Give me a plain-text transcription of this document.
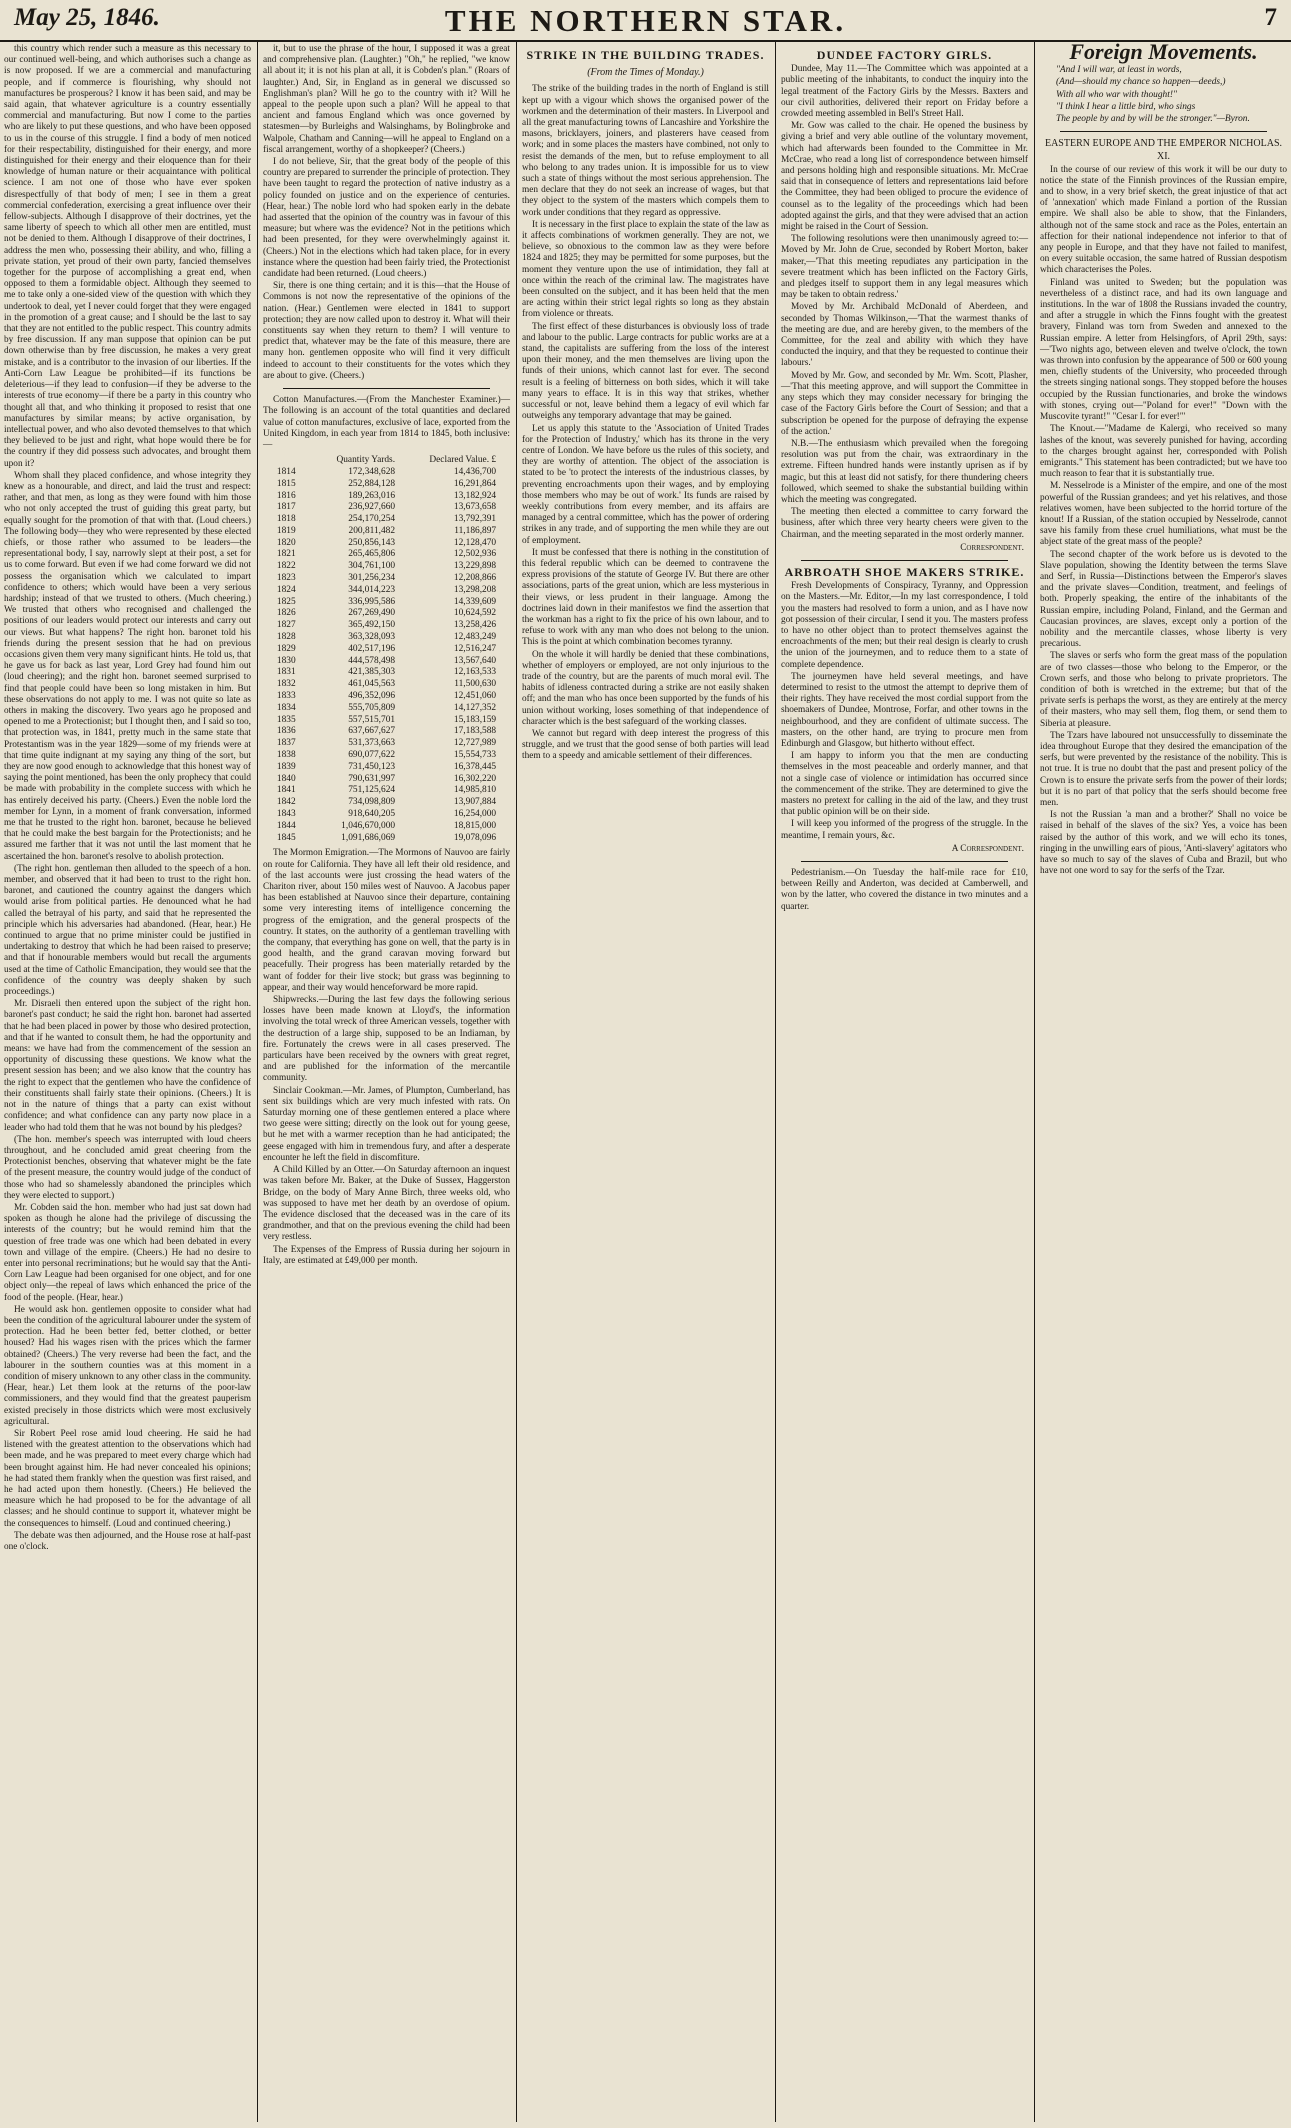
May 25, 1846.	THE NORTHERN STAR.	7

this country which render such a measure as this necessary to our continued well-being, and which authorises such a change as is now proposed. If we are a commercial and manufacturing people, and if commerce is flourishing, why should not manufactures be prosperous? I know it has been said, and may be said again, that whatever agriculture is a country essentially commercial and manufacturing. But now I come to the parties who are likely to put these questions, and who have been opposed to us in the course of this struggle. I find a body of men noticed for their respectability, distinguished for their energy, and more distinguished for their energy and their eloquence than for their knowledge of human nature or their acquaintance with political science. I am not one of those who have ever spoken disrespectfully of that body of men; I see in them a great commercial confederation, exercising a great influence over their fellow-subjects. Although I disapprove of their doctrines, yet the same liberty of speech to which all other men are entitled, must not be denied to them. Although I disapprove of their doctrines, I address the men who, possessing their ability, and who, filling a private station, yet proud of their own party, fancied themselves together for the purpose of accomplishing a great end, when opposed to them a formidable object. Although they seemed to me to take only a one-sided view of the question with which they undertook to deal, yet I never could forget that they were engaged in the promotion of a great cause; and I should be the last to say that they are not entitled to the public respect. This country admits by free discussion. If any man suppose that opinion can be put down otherwise than by free discussion, he makes a very great mistake, and is a contributor to the invasion of our liberties. If the Anti-Corn Law League be prohibited—if its functions be deleterious—if they lead to confusion—if they be adverse to the interests of true economy—if there be a party in this country who thought all that, and who thinking it proposed to resist that one manufactures by similar means; by active organisation, by intellectual power, and who also devoted themselves to that which they believed to be just and right, what hope would there be for the country if they did possess such advocates, and brought them upon it?

Whom shall they placed confidence, and whose integrity they knew as a honourable, and direct, and laid the trust and respect: rather, and that men, as long as they were found with him those who not only accepted the trust of guiding this great party, but equally sought for the promotion of that with that. (Loud cheers.) The following body—they who were represented by these elected chiefs, or those rather who assumed to be leaders—the representational body, I say, narrowly slept at their post, a set for us to come forward. But even if we had come forward we did not possess the organisation which we calculated to impart confidence to others; which would have been a very serious hardship; instead of that we trusted to others. (Much cheering.) We trusted that others who recognised and challenged the positions of our leaders would protect our interests and carry out our views. But what happens? The right hon. baronet told his friends during the present session that he had on previous occasions given them very many significant hints. He told us, that he gave us for back as last year, Lord Grey had found him out (loud cheering); and the right hon. baronet seemed surprised to find that people could have been so long mistaken in him. But these observations do not apply to me. I was not quite so late as others in making the discovery. Two years ago he proposed and opened to me a Protectionist; but I thought then, and I said so too, that protection was, in 1841, pretty much in the same state that Protestantism was in the year 1829—some of my friends were at that time quite indignant at my saying any thing of the sort, but they are now good enough to acknowledge that this honest way of saying the point mentioned, has been the only prophecy that could be made with probability in the complete success with which he has entirely deceived his party. (Cheers.) Even the noble lord the member for Lynn, in a moment of frank conversation, informed me that he trusted to the right hon. baronet, because he believed that he could make the best bargain for the Protectionists; and he assured me farther that it was not until the last moment that he ascertained the hon. baronet's resolve to abolish protection.

(The right hon. gentleman then alluded to the speech of a hon. member, and observed that it had been to trust to the right hon. baronet, and cautioned the country against the dangers which would arise from political parties. He denounced what he had called the betrayal of his party, and said that he represented the principle which his adversaries had abandoned. (Hear, hear.) He continued to argue that no prime minister could be justified in undertaking to destroy that which he had been raised to preserve; and that if honourable members would but recall the arguments used at the time of Catholic Emancipation, they would see that the confidence of the country was deeply shaken by such proceedings.)

Mr. Disraeli then entered upon the subject of the right hon. baronet's past conduct; he said the right hon. baronet had asserted that he had been placed in power by those who desired protection, and that if he wanted to consult them, he had the opportunity and means: we have had from the commencement of the session an opportunity of discussing these questions. We know what the present session has been; and we also know that the country has the right to expect that the gentlemen who have the confidence of their constituents shall fairly state their opinions. (Cheers.) It is not in the nature of things that a party can exist without confidence; and what confidence can any party now place in a leader who had told them that he was not bound by his pledges?

(The hon. member's speech was interrupted with loud cheers throughout, and he concluded amid great cheering from the Protectionist benches, observing that whatever might be the fate of the present measure, the country would judge of the conduct of those who had so shamelessly abandoned the principles which they were elected to support.)

Mr. Cobden said the hon. member who had just sat down had spoken as though he alone had the privilege of discussing the interests of the country; but he would remind him that the question of free trade was one which had been debated in every town and village of the empire. (Cheers.) He had no desire to enter into personal recriminations; but he would say that the Anti-Corn Law League had been organised for one object, and for one object only—the repeal of laws which enhanced the price of the food of the people. (Hear, hear.)

He would ask hon. gentlemen opposite to consider what had been the condition of the agricultural labourer under the system of protection. Had he been better fed, better clothed, or better housed? Had his wages risen with the prices which the farmer obtained? (Cheers.) The very reverse had been the fact, and the labourer in the southern counties was at this moment in a condition of misery unknown to any other class in the community. (Hear, hear.) Let them look at the returns of the poor-law commissioners, and they would find that the greatest pauperism existed precisely in those districts which were most exclusively agricultural.

Sir Robert Peel rose amid loud cheering. He said he had listened with the greatest attention to the observations which had been made, and he was prepared to meet every charge which had been brought against him. He had never concealed his opinions; he had stated them frankly when the question was first raised, and he had acted upon them honestly. (Cheers.) He believed the measure which he had proposed to be for the advantage of all classes; and he should continue to support it, whatever might be the consequences to himself. (Loud and continued cheering.)

The debate was then adjourned, and the House rose at half-past one o'clock.

it, but to use the phrase of the hour, I supposed it was a great and comprehensive plan. (Laughter.) "Oh," he replied, "we know all about it; it is not his plan at all, it is Cobden's plan." (Roars of laughter.) And, Sir, in England as in general we discussed so Englishman's plan? Will he go to the country with it? Will he appeal to the people upon such a plan? Will he appeal to that ancient and famous England which was once governed by statesmen—by Burleighs and Walsinghams, by Bolingbroke and Walpole, Chatham and Canning—will he appeal to England on a fiscal arrangement, worthy of a shopkeeper? (Cheers.)

I do not believe, Sir, that the great body of the people of this country are prepared to surrender the principle of protection. They have been taught to regard the protection of native industry as a policy founded on justice and on the experience of centuries. (Hear, hear.) The noble lord who had spoken early in the debate had asserted that the opinion of the country was in favour of this measure; but where was the evidence? Not in the petitions which had been presented, for they were overwhelmingly against it. (Cheers.) Not in the elections which had taken place, for in every instance where the question had been fairly tried, the Protectionist candidate had been returned. (Loud cheers.)

Sir, there is one thing certain; and it is this—that the House of Commons is not now the representative of the opinions of the nation. (Hear.) Gentlemen were elected in 1841 to support protection; they are now called upon to destroy it. What will their constituents say when they return to them? I will venture to predict that, whatever may be the fate of this measure, there are many hon. gentlemen opposite who will find it very difficult indeed to account to their constituents for the votes which they are about to give. (Cheers.)

Cotton Manufactures.—(From the Manchester Examiner.)—The following is an account of the total quantities and declared value of cotton manufactures, exclusive of lace, exported from the United Kingdom, in each year from 1814 to 1845, both inclusive:—

	Quantity Yards.	Declared Value. £
1814	172,348,628	14,436,700
1815	252,884,128	16,291,864
1816	189,263,016	13,182,924
1817	236,927,660	13,673,658
1818	254,170,254	13,792,391
1819	200,811,482	11,186,897
1820	250,856,143	12,128,470
1821	265,465,806	12,502,936
1822	304,761,100	13,229,898
1823	301,256,234	12,208,866
1824	344,014,223	13,298,208
1825	336,995,586	14,339,609
1826	267,269,490	10,624,592
1827	365,492,150	13,258,426
1828	363,328,093	12,483,249
1829	402,517,196	12,516,247
1830	444,578,498	13,567,640
1831	421,385,303	12,163,533
1832	461,045,563	11,500,630
1833	496,352,096	12,451,060
1834	555,705,809	14,127,352
1835	557,515,701	15,183,159
1836	637,667,627	17,183,588
1837	531,373,663	12,727,989
1838	690,077,622	15,554,733
1839	731,450,123	16,378,445
1840	790,631,997	16,302,220
1841	751,125,624	14,985,810
1842	734,098,809	13,907,884
1843	918,640,205	16,254,000
1844	1,046,670,000	18,815,000
1845	1,091,686,069	19,078,096

The Mormon Emigration.—The Mormons of Nauvoo are fairly on route for California. They have all left their old residence, and of the last accounts were just crossing the head waters of the Chariton river, about 150 miles west of Nauvoo. A Jacobus paper has been established at Nauvoo since their departure, containing some very interesting items of intelligence concerning the progress of the emigration, and the general prospects of the country. It states, on the authority of a gentleman travelling with the company, that everything has gone on well, that the party is in good health, and the grand caravan moving forward but peacefully. Their progress has been materially retarded by the want of fodder for their live stock; but grass was beginning to appear, and their way would henceforward be more rapid.

Shipwrecks.—During the last few days the following serious losses have been made known at Lloyd's, the information involving the total wreck of three American vessels, together with the destruction of a large ship, supposed to be an Indiaman, by fire. Fortunately the crews were in all cases preserved. The particulars have been received by the owners with great regret, and are published for the information of the mercantile community.

Sinclair Cookman.—Mr. James, of Plumpton, Cumberland, has sent six buildings which are very much infested with rats. On Saturday morning one of these gentlemen entered a place where two geese were sitting; directly on the look out for young geese, but he met with a warmer reception than he had anticipated; the geese engaged with him in tremendous fury, and after a desperate encounter he left the field in discomfiture.

A Child Killed by an Otter.—On Saturday afternoon an inquest was taken before Mr. Baker, at the Duke of Sussex, Haggerston Bridge, on the body of Mary Anne Birch, three weeks old, who was supposed to have met her death by an overdose of opium. The evidence disclosed that the deceased was in the care of its grandmother, and that on the previous evening the child had been very restless.

The Expenses of the Empress of Russia during her sojourn in Italy, are estimated at £49,000 per month.

STRIKE IN THE BUILDING TRADES.

(From the Times of Monday.)

The strike of the building trades in the north of England is still kept up with a vigour which shows the organised power of the workmen and the determination of their masters. In Liverpool and all the great manufacturing towns of Lancashire and Yorkshire the masons, bricklayers, joiners, and plasterers have ceased from work; and in some places the masters have combined, not only to resist the demands of the men, but to refuse employment to all who belong to any trades union. It is impossible for us to view such a state of things without the most serious apprehension. The men declare that they do not seek an increase of wages, but that they object to the system of the masters which compels them to work under conditions that they regard as oppressive.

It is necessary in the first place to explain the state of the law as it affects combinations of workmen generally. They are not, we believe, so obnoxious to the common law as they were before 1824 and 1825; they may be permitted for some purposes, but the moment they venture upon the use of intimidation, they fall at once within the reach of the criminal law. The magistrates have been consulted on the subject, and it has been held that the men are acting within their strict legal rights so long as they abstain from violence or threats.

The first effect of these disturbances is obviously loss of trade and labour to the public. Large contracts for public works are at a stand, the capitalists are suffering from the loss of the interest upon their money, and the men themselves are living upon the funds of their unions, which cannot last for ever. The second result is a feeling of bitterness on both sides, which it will take many years to efface. It is in this way that strikes, whether successful or not, leave behind them a legacy of evil which far outweighs any temporary advantage that may be gained.

Let us apply this statute to the 'Association of United Trades for the Protection of Industry,' which has its throne in the very centre of London. We have before us the rules of this society, and they are worthy of attention. The object of the association is stated to be 'to protect the interests of the industrious classes, by preventing encroachments upon their wages, and by employing those members who may be out of work.' Its funds are raised by weekly contributions from every member, and its affairs are managed by a central committee, which has the power of ordering strikes in any trade, and of supporting the men while they are out of employment.

It must be confessed that there is nothing in the constitution of this federal republic which can be deemed to contravene the express provisions of the statute of George IV. But there are other associations, parts of the great union, which are less mysterious in their views, or less prudent in their language. Among the doctrines laid down in their manifestos we find the assertion that the workman has a right to fix the price of his own labour, and to refuse to work with any man who does not belong to the union. This is the point at which combination becomes tyranny.

On the whole it will hardly be denied that these combinations, whether of employers or employed, are not only injurious to the trade of the country, but are the parents of much moral evil. The habits of idleness contracted during a strike are not easily shaken off; and the man who has once been supported by the funds of his union without working, loses something of that independence of character which is the best safeguard of the working classes.

We cannot but regard with deep interest the progress of this struggle, and we trust that the good sense of both parties will lead them to a speedy and amicable settlement of their differences.

DUNDEE FACTORY GIRLS.

Dundee, May 11.—The Committee which was appointed at a public meeting of the inhabitants, to conduct the inquiry into the legal treatment of the Factory Girls by the Messrs. Baxters and our civil authorities, delivered their report on Friday before a crowded meeting assembled in Bell's Street Hall.

Mr. Gow was called to the chair. He opened the business by giving a brief and very able outline of the voluntary movement, which had afterwards been founded to the Committee in Mr. McCrae, who read a long list of correspondence between himself and persons holding high and responsible situations. Mr. McCrae said that in consequence of letters and representations laid before the Committee, they had been obliged to procure the evidence of counsel as to the legality of the proceedings which had been adopted against the girls, and that they were advised that an action might be raised in the Court of Session.

The following resolutions were then unanimously agreed to:—Moved by Mr. John de Crue, seconded by Robert Morton, baker maker,—'That this meeting repudiates any participation in the severe treatment which has been inflicted on the Factory Girls, and pledges itself to support them in any legal measures which may be taken to obtain redress.'

Moved by Mr. Archibald McDonald of Aberdeen, and seconded by Thomas Wilkinson,—'That the warmest thanks of the meeting are due, and are hereby given, to the members of the Committee, for the zeal and ability with which they have conducted the inquiry, and that they be requested to continue their labours.'

Moved by Mr. Gow, and seconded by Mr. Wm. Scott, Plasher,—'That this meeting approve, and will support the Committee in any steps which they may consider necessary for bringing the case of the Factory Girls before the Court of Session; and that a subscription be opened for the purpose of defraying the expense of the action.'

N.B.—The enthusiasm which prevailed when the foregoing resolution was put from the chair, was extraordinary in the extreme. Fifteen hundred hands were instantly uprisen as if by magic, but this at least did not satisfy, for there thundering cheers followed, which seemed to shake the substantial building within which the meeting was congregated.

The meeting then elected a committee to carry forward the business, after which three very hearty cheers were given to the Chairman, and the meeting separated in the most orderly manner.

Correspondent.

ARBROATH SHOE MAKERS STRIKE.

Fresh Developments of Conspiracy, Tyranny, and Oppression on the Masters.—Mr. Editor,—In my last correspondence, I told you the masters had resolved to form a union, and as I have now got possession of their circular, I send it you. The masters profess to have no other object than to protect themselves against the encroachments of the men; but their real design is clearly to crush the union of the journeymen, and to reduce them to a state of complete dependence.

The journeymen have held several meetings, and have determined to resist to the utmost the attempt to deprive them of their rights. They have received the most cordial support from the shoemakers of Dundee, Montrose, Forfar, and other towns in the neighbourhood, and they are confident of ultimate success. The masters, on the other hand, are trying to procure men from Edinburgh and Glasgow, but hitherto without effect.

I am happy to inform you that the men are conducting themselves in the most peaceable and orderly manner, and that not a single case of violence or intimidation has occurred since the commencement of the strike. They are determined to give the masters no pretext for calling in the aid of the law, and they trust that public opinion will be on their side.

I will keep you informed of the progress of the struggle. In the meantime, I remain yours, &c.

A Correspondent.

Pedestrianism.—On Tuesday the half-mile race for £10, between Reilly and Anderton, was decided at Camberwell, and won by the latter, who covered the distance in two minutes and a quarter.

Foreign Movements.

"And I will war, at least in words,

(And—should my chance so happen—deeds,)

With all who war with thought!"

"I think I hear a little bird, who sings

The people by and by will be the stronger."—Byron.

EASTERN EUROPE AND THE EMPEROR NICHOLAS.

XI.

In the course of our review of this work it will be our duty to notice the state of the Finnish provinces of the Russian empire, and to show, in a very brief sketch, the great injustice of that act of 'annexation' which made Finland a portion of the Russian empire. We shall also be able to show, that the Finlanders, although not of the same stock and race as the Poles, entertain an affection for their national independence not inferior to that of any people in Europe, and that they have not failed to manifest, on every suitable occasion, the same hatred of Russian despotism which characterises the Poles.

Finland was united to Sweden; but the population was nevertheless of a distinct race, and had its own language and institutions. In the war of 1808 the Russians invaded the country, and after a struggle in which the Finns fought with the greatest bravery, Finland was torn from Sweden and annexed to the Russian empire. A letter from Helsingfors, of April 29th, says:—'Two nights ago, between eleven and twelve o'clock, the town was thrown into confusion by the appearance of 500 or 600 young men, chiefly students of the University, who proceeded through the streets singing national songs. They stopped before the houses occupied by the Russian functionaries, and broke the windows with stones, crying out—"Poland for ever!" "Down with the Muscovite tyrant!" "Cesar I. for ever!"'

The Knout.—"Madame de Kalergi, who received so many lashes of the knout, was severely punished for having, according to the charges brought against her, corresponded with Polish emigrants." This statement has been contradicted; but we have too much reason to fear that it is substantially true.

M. Nesselrode is a Minister of the empire, and one of the most powerful of the Russian grandees; and yet his relatives, and those relatives women, have been subjected to the horrid torture of the knout! If a Russian, of the station occupied by Nesselrode, cannot save his family from these cruel humiliations, what must be the abject state of the great mass of the people?

The second chapter of the work before us is devoted to the Slave population, showing the Identity between the terms Slave and Serf, in Russia—Distinctions between the Emperor's slaves and the private slaves—Condition, treatment, and feelings of both. Properly speaking, the entire of the inhabitants of the Russian empire, including Poland, Finland, and the German and Caucasian provinces, are slaves, except only a portion of the nobility and the mercantile classes, whose liberty is very precarious.

The slaves or serfs who form the great mass of the population are of two classes—those who belong to the Emperor, or the Crown serfs, and those who belong to private proprietors. The condition of both is wretched in the extreme; but that of the private serfs is perhaps the worst, as they are entirely at the mercy of their masters, who may sell them, flog them, or send them to Siberia at pleasure.

The Tzars have laboured not unsuccessfully to disseminate the idea throughout Europe that they desired the emancipation of the serfs, but were prevented by the resistance of the nobility. This is not true. It is true no doubt that the past and present policy of the Crown is to ensure the private serfs from the power of their lords; but it is no part of that policy that the serfs should become free men.

Is not the Russian 'a man and a brother?' Shall no voice be raised in behalf of the slaves of the six? Yes, a voice has been raised by the author of this work, and we will echo its tones, ringing in the unwilling ears of pious, 'Anti-slavery' agitators who have so much to say of the slaves of Cuba and Brazil, but who have not one word to say for the serfs of the Tzar.
